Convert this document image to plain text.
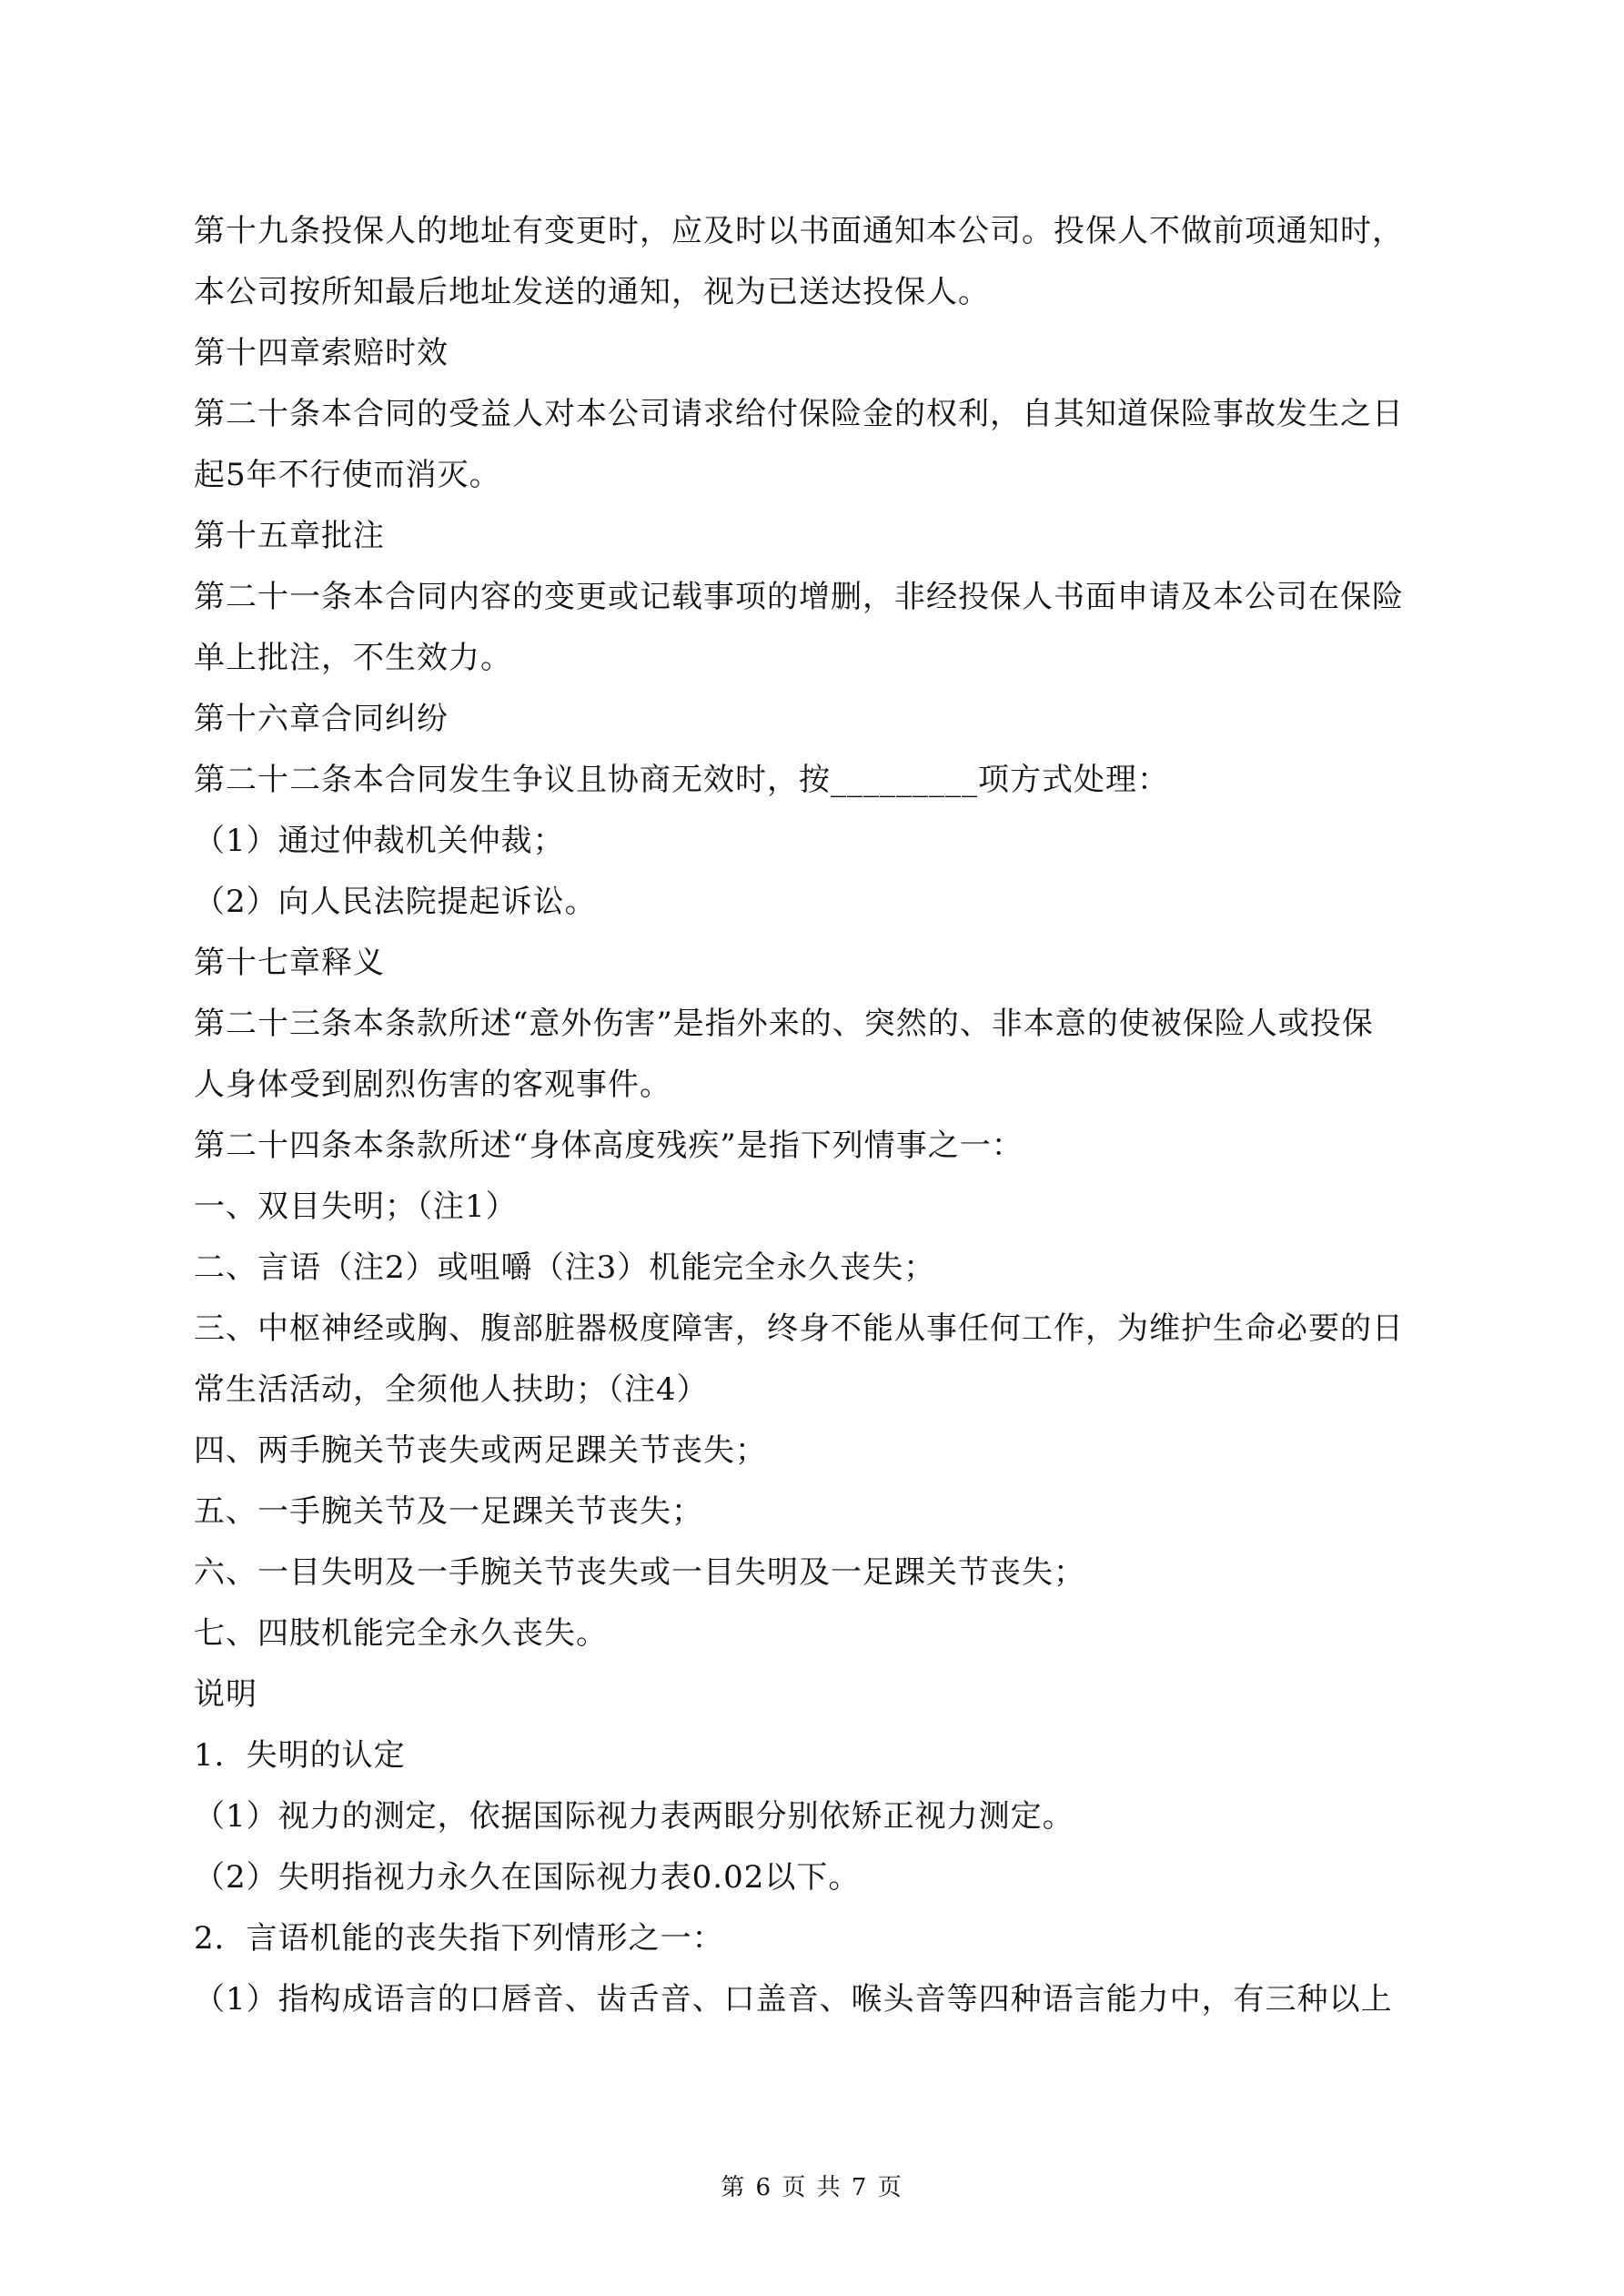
第十九条投保人的地址有变更时，应及时以书面通知本公司。投保人不做前项通知时，
本公司按所知最后地址发送的通知，视为已送达投保人。
第十四章索赔时效
第二十条本合同的受益人对本公司请求给付保险金的权利，自其知道保险事故发生之日
起5年不行使而消灭。
第十五章批注
第二十一条本合同内容的变更或记载事项的增删，非经投保人书面申请及本公司在保险
单上批注，不生效力。
第十六章合同纠纷
第二十二条本合同发生争议且协商无效时，按_________项方式处理：
（1）通过仲裁机关仲裁；
（2）向人民法院提起诉讼。
第十七章释义
第二十三条本条款所述“意外伤害”是指外来的、突然的、非本意的使被保险人或投保
人身体受到剧烈伤害的客观事件。
第二十四条本条款所述“身体高度残疾”是指下列情事之一：
一、双目失明；（注1）
二、言语（注2）或咀嚼（注3）机能完全永久丧失；
三、中枢神经或胸、腹部脏器极度障害，终身不能从事任何工作，为维护生命必要的日
常生活活动，全须他人扶助；（注4）
四、两手腕关节丧失或两足踝关节丧失；
五、一手腕关节及一足踝关节丧失；
六、一目失明及一手腕关节丧失或一目失明及一足踝关节丧失；
七、四肢机能完全永久丧失。
说明
1．失明的认定
（1）视力的测定，依据国际视力表两眼分别依矫正视力测定。
（2）失明指视力永久在国际视力表0.02以下。
2．言语机能的丧失指下列情形之一：
（1）指构成语言的口唇音、齿舌音、口盖音、喉头音等四种语言能力中，有三种以上
第 6 页 共 7 页
